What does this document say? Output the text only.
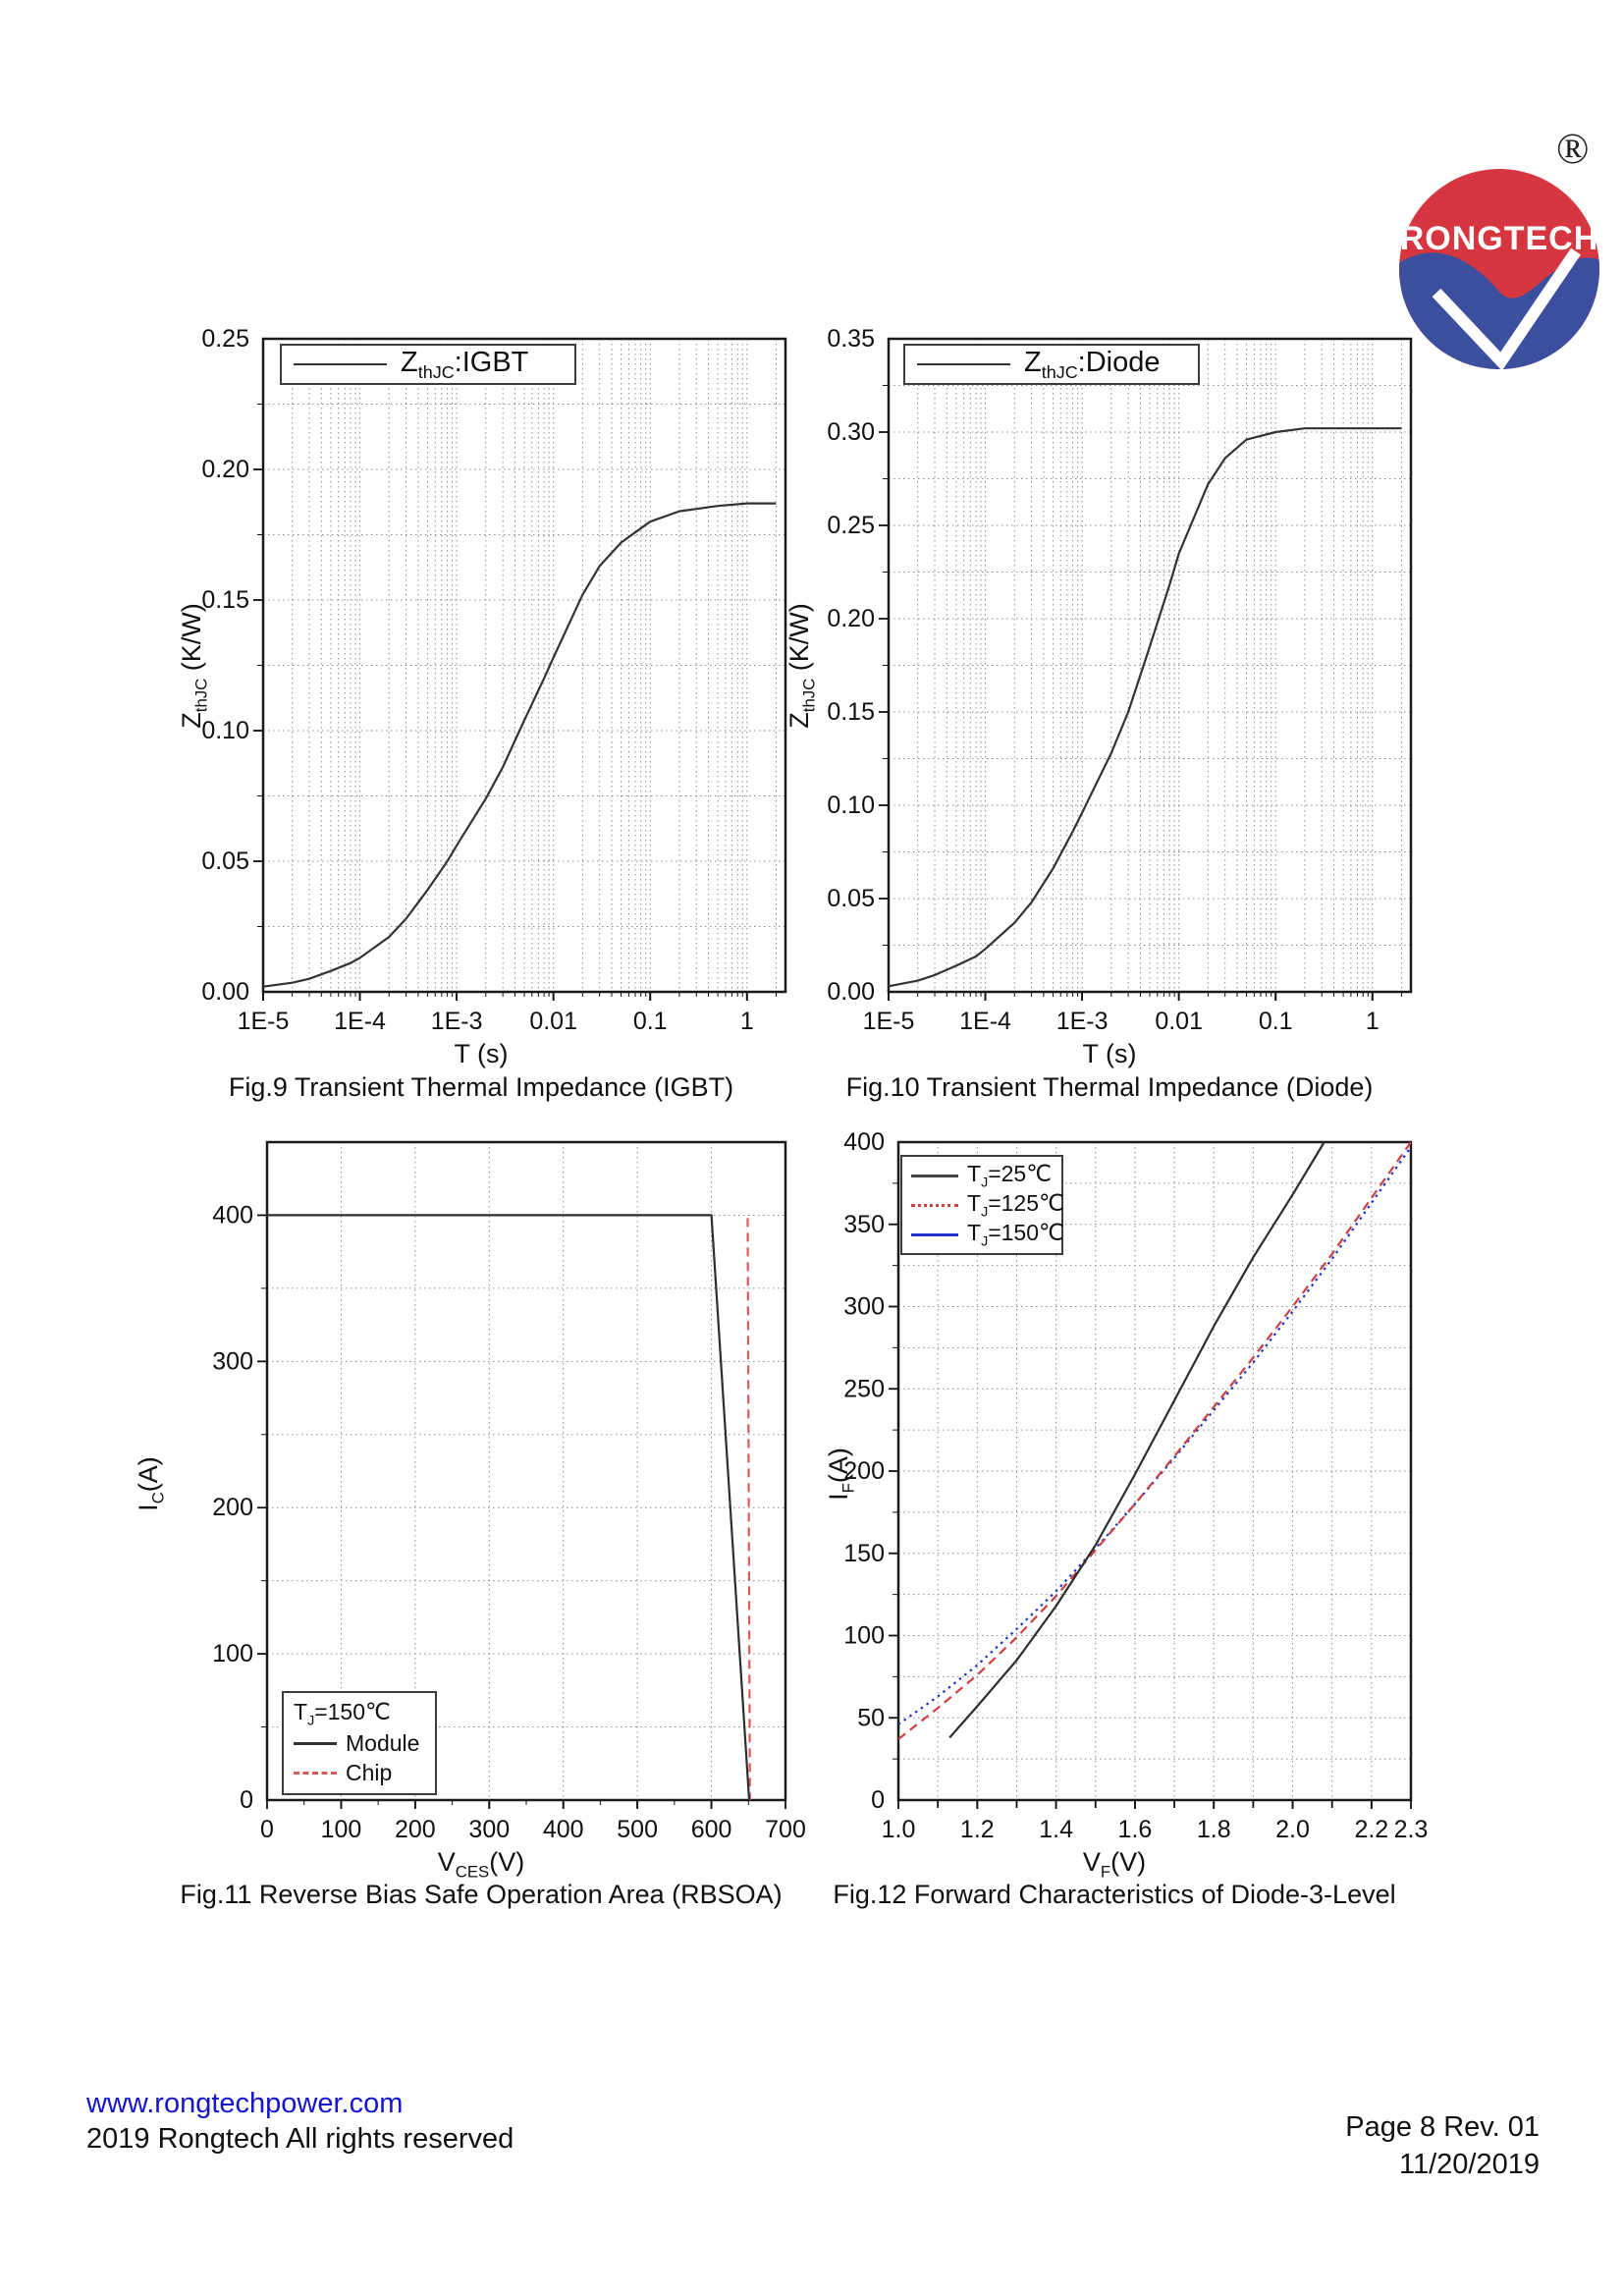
RONGTECH
®
0.00
0.05
0.10
0.15
0.20
0.25
1E-5 1E-4 1E-3 0.01 0.1	1
$Z_{thJC}:IGBT$
$Z_{thJC}$ (K/W)
T (s)
Fig.9 Transient Thermal Impedance (IGBT)
0.00
0.05
0.10
0.15
0.20
0.25
0.30
0.35
1E-5 1E-4 1E-3 0.01 0.1	1
$Z_{thJC}:Diode$
$Z_{thJC}$ (K/W)
T (s)
Fig.10 Transient Thermal Impedance (Diode)
0
100
200
300
400
0 100 200 300 400 500 600 700
$T_J=150℃$
Module
Chip
$I_C(A)$
$V_{CES}(V)$
Fig.11 Reverse Bias Safe Operation Area (RBSOA)
0
50
100
150
200
250
300
350
400
1.0 1.2 1.4 1.6 1.8 2.0 2.2 2.3
$T_J=25℃$
$T_J=125℃$
$T_J=150℃$
$I_F(A)$
$V_F(V)$
Fig.12 Forward Characteristics of Diode-3-Level
www.rongtechpower.com
2019 Rongtech All rights reserved	Page 8 Rev. 01
11/20/2019
